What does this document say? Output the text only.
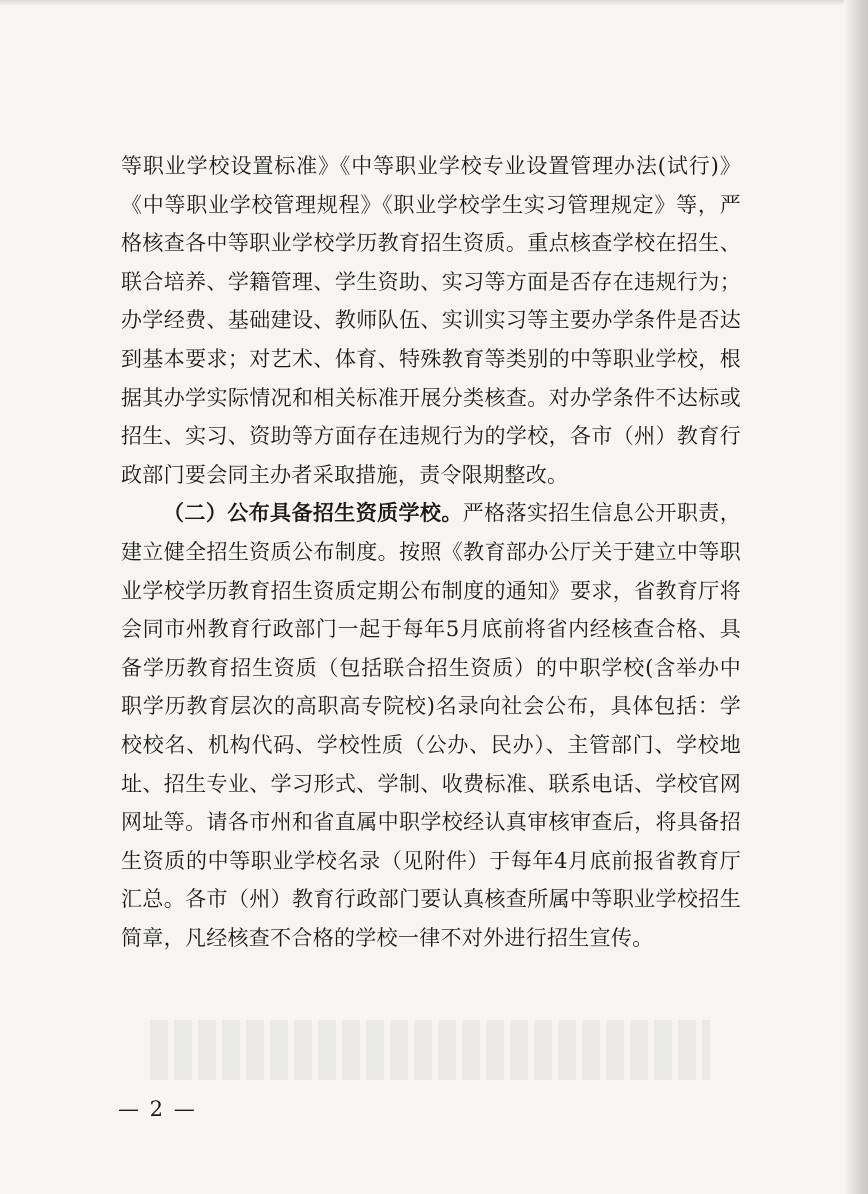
等职业学校设置标准》《中等职业学校专业设置管理办法(试行)》《中等职业学校管理规程》《职业学校学生实习管理规定》等，严格核查各中等职业学校学历教育招生资质。重点核查学校在招生、联合培养、学籍管理、学生资助、实习等方面是否存在违规行为；办学经费、基础建设、教师队伍、实训实习等主要办学条件是否达到基本要求；对艺术、体育、特殊教育等类别的中等职业学校，根据其办学实际情况和相关标准开展分类核查。对办学条件不达标或招生、实习、资助等方面存在违规行为的学校，各市（州）教育行政部门要会同主办者采取措施，责令限期整改。

（二）公布具备招生资质学校。严格落实招生信息公开职责，建立健全招生资质公布制度。按照《教育部办公厅关于建立中等职业学校学历教育招生资质定期公布制度的通知》要求，省教育厅将会同市州教育行政部门一起于每年5月底前将省内经核查合格、具备学历教育招生资质（包括联合招生资质）的中职学校(含举办中职学历教育层次的高职高专院校)名录向社会公布，具体包括：学校校名、机构代码、学校性质（公办、民办）、主管部门、学校地址、招生专业、学习形式、学制、收费标准、联系电话、学校官网网址等。请各市州和省直属中职学校经认真审核审查后，将具备招生资质的中等职业学校名录（见附件）于每年4月底前报省教育厅汇总。各市（州）教育行政部门要认真核查所属中等职业学校招生简章，凡经核查不合格的学校一律不对外进行招生宣传。

— 2 —
